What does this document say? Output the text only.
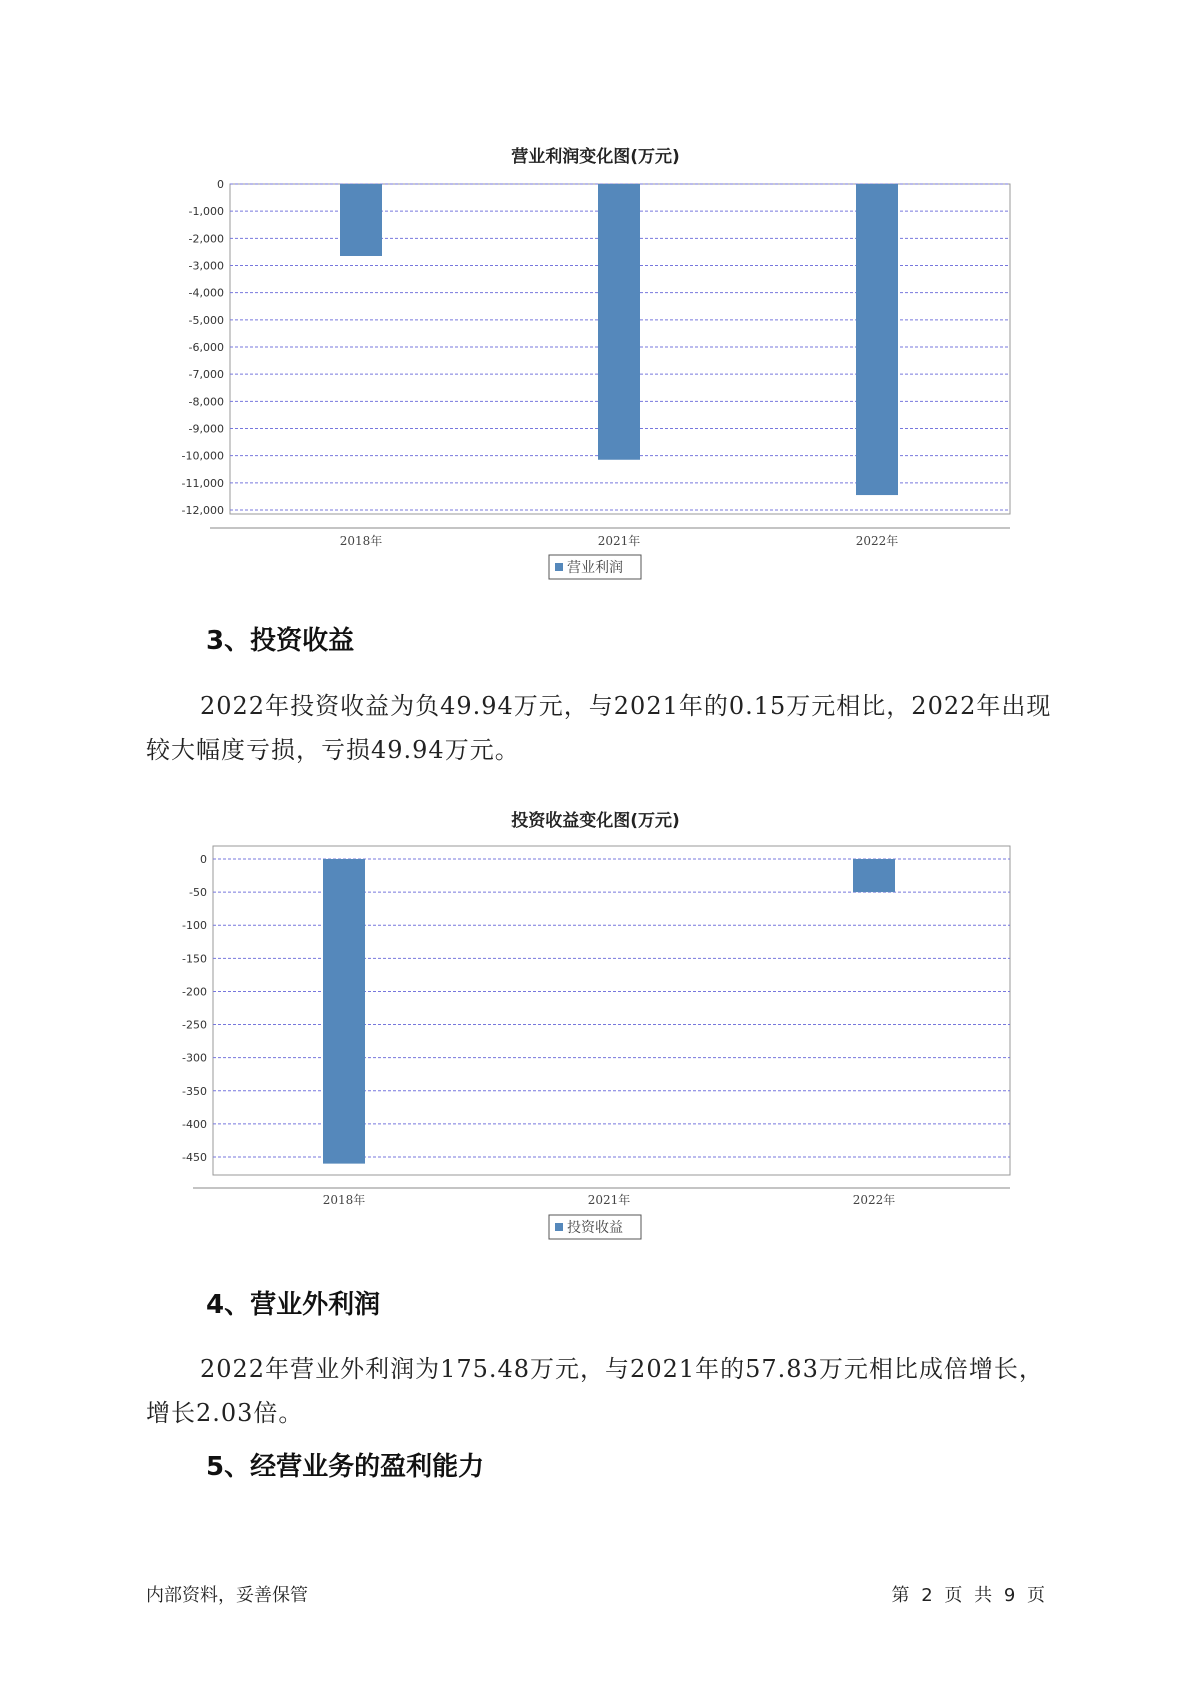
营业利润变化图(万元)
0
-1,000
-2,000
-3,000
-4,000
-5,000
-6,000
-7,000
-8,000
-9,000
-10,000
-11,000
-12,000
2018年	2021年	2022年
营业利润
3、投资收益
2022年投资收益为负49.94万元，与2021年的0.15万元相比，2022年出现较大幅度亏损，亏损49.94万元。
投资收益变化图(万元)
0
-50
-100
-150
-200
-250
-300
-350
-400
-450
2018年	2021年	2022年
投资收益
4、营业外利润
2022年营业外利润为175.48万元，与2021年的57.83万元相比成倍增长，增长2.03倍。
5、经营业务的盈利能力
内部资料，妥善保管	第 2 页 共 9 页
